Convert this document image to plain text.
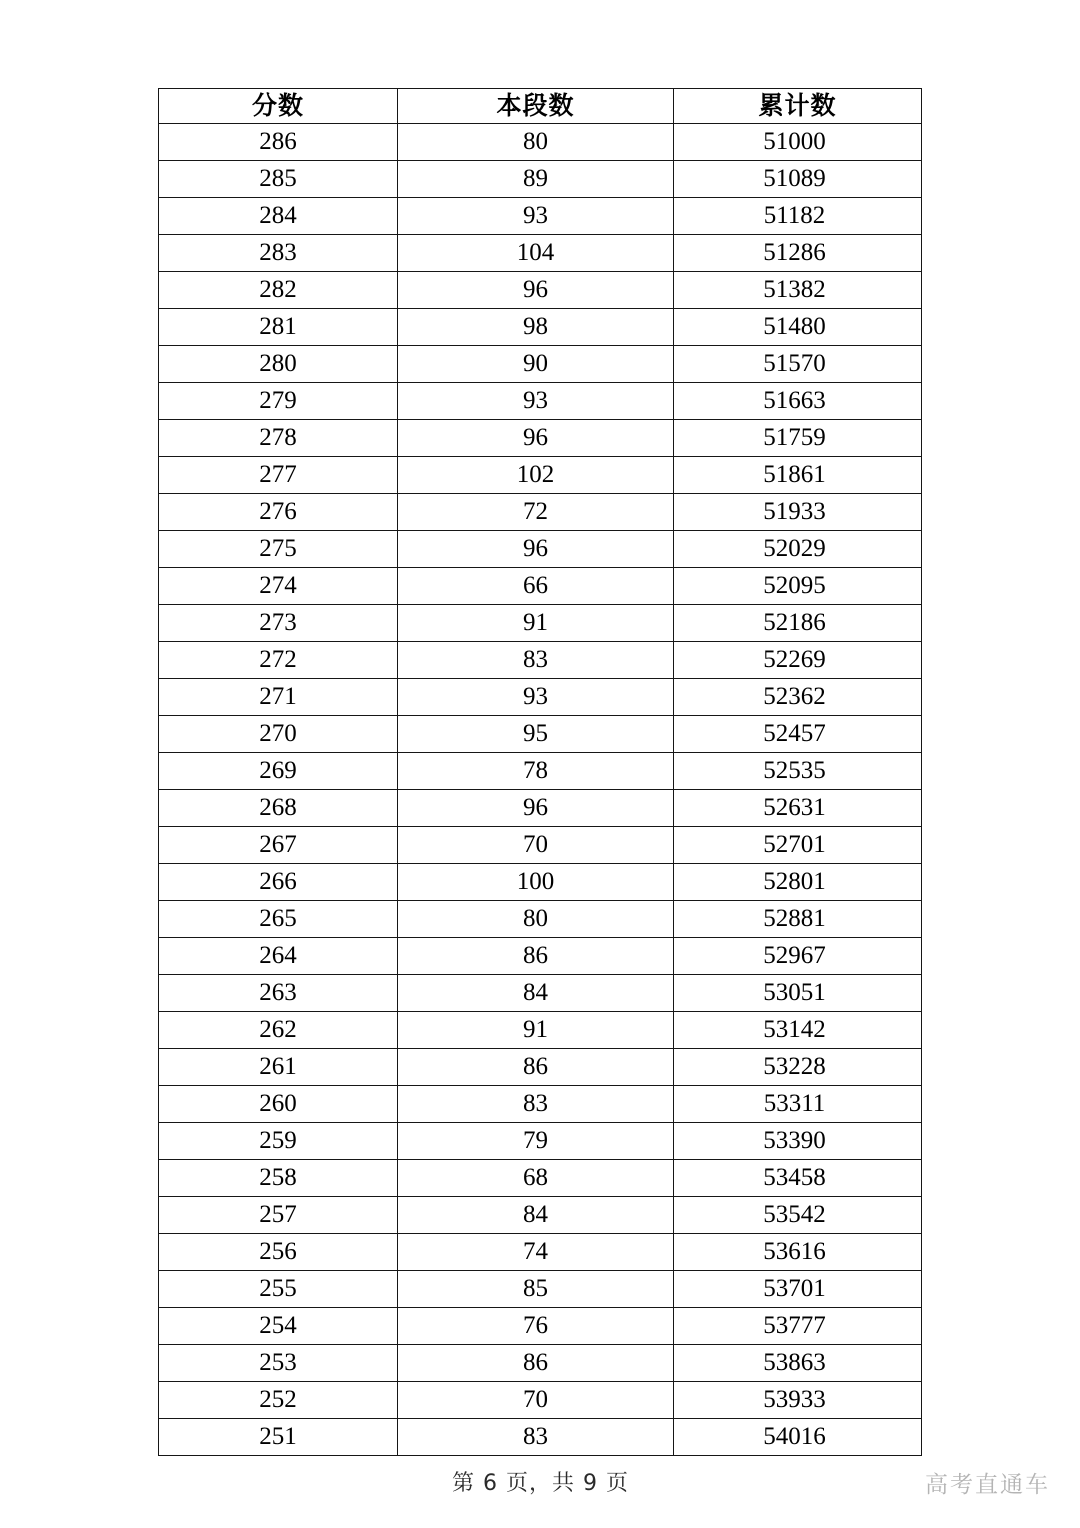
分数	本段数	累计数
286	80	51000
285	89	51089
284	93	51182
283	104	51286
282	96	51382
281	98	51480
280	90	51570
279	93	51663
278	96	51759
277	102	51861
276	72	51933
275	96	52029
274	66	52095
273	91	52186
272	83	52269
271	93	52362
270	95	52457
269	78	52535
268	96	52631
267	70	52701
266	100	52801
265	80	52881
264	86	52967
263	84	53051
262	91	53142
261	86	53228
260	83	53311
259	79	53390
258	68	53458
257	84	53542
256	74	53616
255	85	53701
254	76	53777
253	86	53863
252	70	53933
251	83	54016
第 6 页，共 9 页	高考直通车
